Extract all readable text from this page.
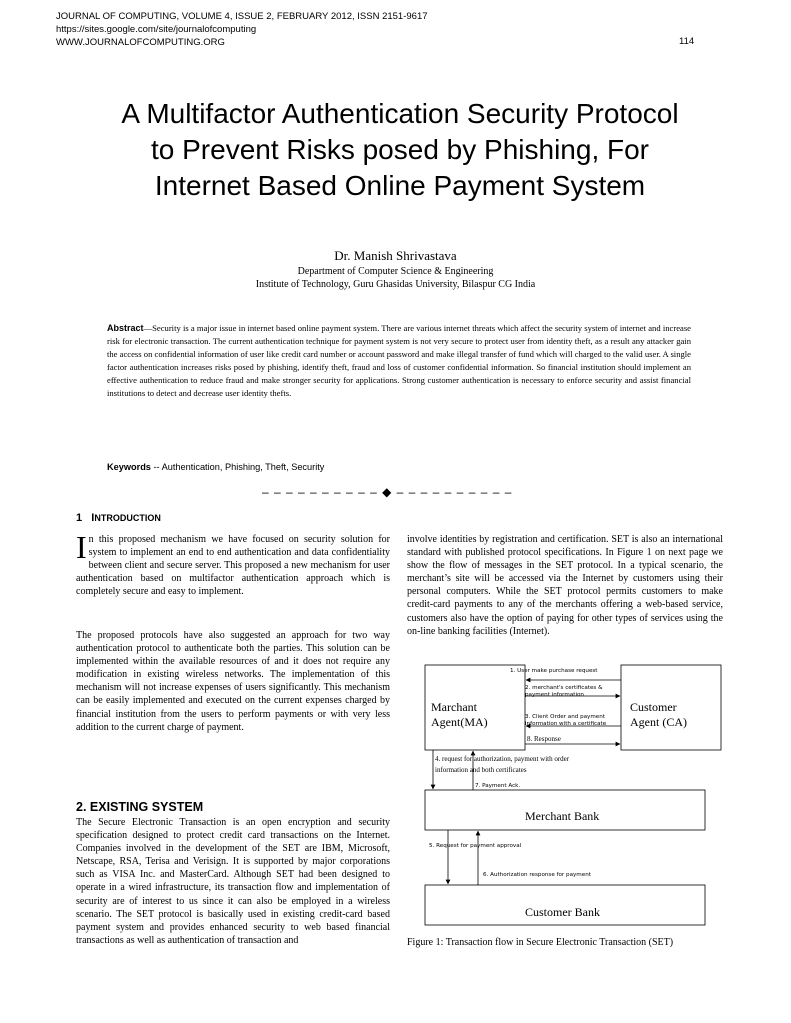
JOURNAL OF COMPUTING, VOLUME 4, ISSUE 2, FEBRUARY 2012, ISSN 2151-9617
https://sites.google.com/site/journalofcomputing
WWW.JOURNALOFCOMPUTING.ORG	114
A Multifactor Authentication Security Protocol
to Prevent Risks posed by Phishing, For
Internet Based Online Payment System
Dr. Manish Shrivastava
Department of Computer Science & Engineering
Institute of Technology, Guru Ghasidas University, Bilaspur CG India

Abstract—Security is a major issue in internet based online payment system. There are various internet threats which affect the security system of internet and increase risk for electronic transaction. The current authentication technique for payment system is not very secure to protect user from identity theft, as a result any attacker gain the access on confidential information of user like credit card number or account password and make illegal transfer of fund which will charged to the valid user. A single factor authentication increases risks posed by phishing, identify theft, fraud and loss of customer confidential information. So financial institution should implement an effective authentication to reduce fraud and make stronger security for applications. Strong customer authentication is necessary to enforce security and assist financial institutions to detect and decrease user identity thefts.

Keywords -- Authentication, Phishing, Theft, Security
– – – – – – – – – – ◆ – – – – – – – – – –
1 INTRODUCTION
In this proposed mechanism we have focused on security solution for system to implement an end to end authentication and data confidentiality between client and secure server. This proposed a new mechanism for user authentication based on multifactor authentication approach which is completely secure and easy to implement.
The proposed protocols have also suggested an approach for two way authentication protocol to authenticate both the parties. This solution can be implemented within the available resources of and it does not require any modification in existing wireless networks. The implementation of this mechanism will not increase expenses of users significantly. This mechanism can be easily implemented and executed on the current expenses charged by financial institution from the users to perform payments or with very less addition to the current charge of payment.
2. EXISTING SYSTEM
The Secure Electronic Transaction is an open encryption and security specification designed to protect credit card transactions on the Internet. Companies involved in the development of the SET are IBM, Microsoft, Netscape, RSA, Terisa and Verisign. It is supported by major corporations such as VISA Inc. and MasterCard. Although SET had been designed to operate in a wired infrastructure, its transaction flow and implementation of security are of interest to us since it can also be employed in a wireless scenario. The SET protocol is basically used in existing credit-card based payment system and provides enhanced security to web based financial transactions as well as authentication of transaction and
involve identities by registration and certification. SET is also an international standard with published protocol specifications. In Figure 1 on next page we show the flow of messages in the SET protocol. In a typical scenario, the merchant’s site will be accessed via the Internet by customers using their personal computers. While the SET protocol permits customers to make credit-card payments to any of the merchants offering a web-based service, customers also have the option of paying for other types of services using the on-line banking facilities (Internet).
Marchant
Agent(MA)
Customer
Agent (CA)
Merchant Bank
Customer Bank
1. User make purchase request
2. merchant's certificates &
payment information
3. Client Order and payment
information with a certificate
8. Response
4. request for authorization, payment with order
information and both certificates
7. Payment Ack.
5. Request for payment approval
6. Authorization response for payment
Figure 1: Transaction flow in Secure Electronic Transaction (SET)
